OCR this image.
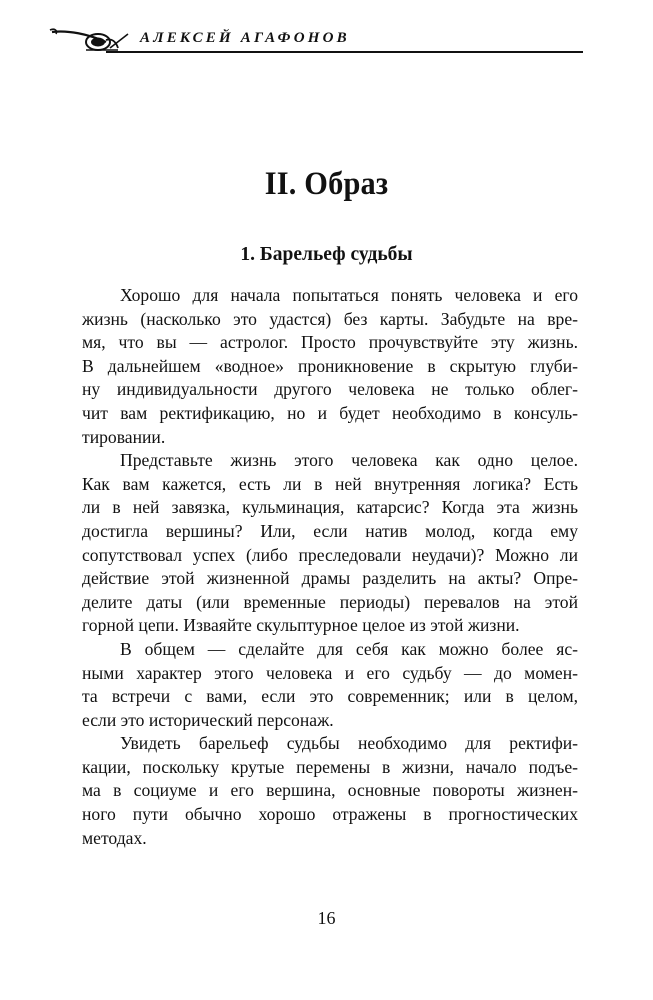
АЛЕКСЕЙ АГАФОНОВ
II. Образ
1. Барельеф судьбы
Хорошо для начала попытаться понять человека и его
жизнь (насколько это удастся) без карты. Забудьте на вре-
мя, что вы — астролог. Просто прочувствуйте эту жизнь.
В дальнейшем «водное» проникновение в скрытую глуби-
ну индивидуальности другого человека не только облег-
чит вам ректификацию, но и будет необходимо в консуль-
тировании.
Представьте жизнь этого человека как одно целое.
Как вам кажется, есть ли в ней внутренняя логика? Есть
ли в ней завязка, кульминация, катарсис? Когда эта жизнь
достигла вершины? Или, если натив молод, когда ему
сопутствовал успех (либо преследовали неудачи)? Можно ли
действие этой жизненной драмы разделить на акты? Опре-
делите даты (или временные периоды) перевалов на этой
горной цепи. Изваяйте скульптурное целое из этой жизни.
В общем — сделайте для себя как можно более яс-
ными характер этого человека и его судьбу — до момен-
та встречи с вами, если это современник; или в целом,
если это исторический персонаж.
Увидеть барельеф судьбы необходимо для ректифи-
кации, поскольку крутые перемены в жизни, начало подъе-
ма в социуме и его вершина, основные повороты жизнен-
ного пути обычно хорошо отражены в прогностических
методах.
16
